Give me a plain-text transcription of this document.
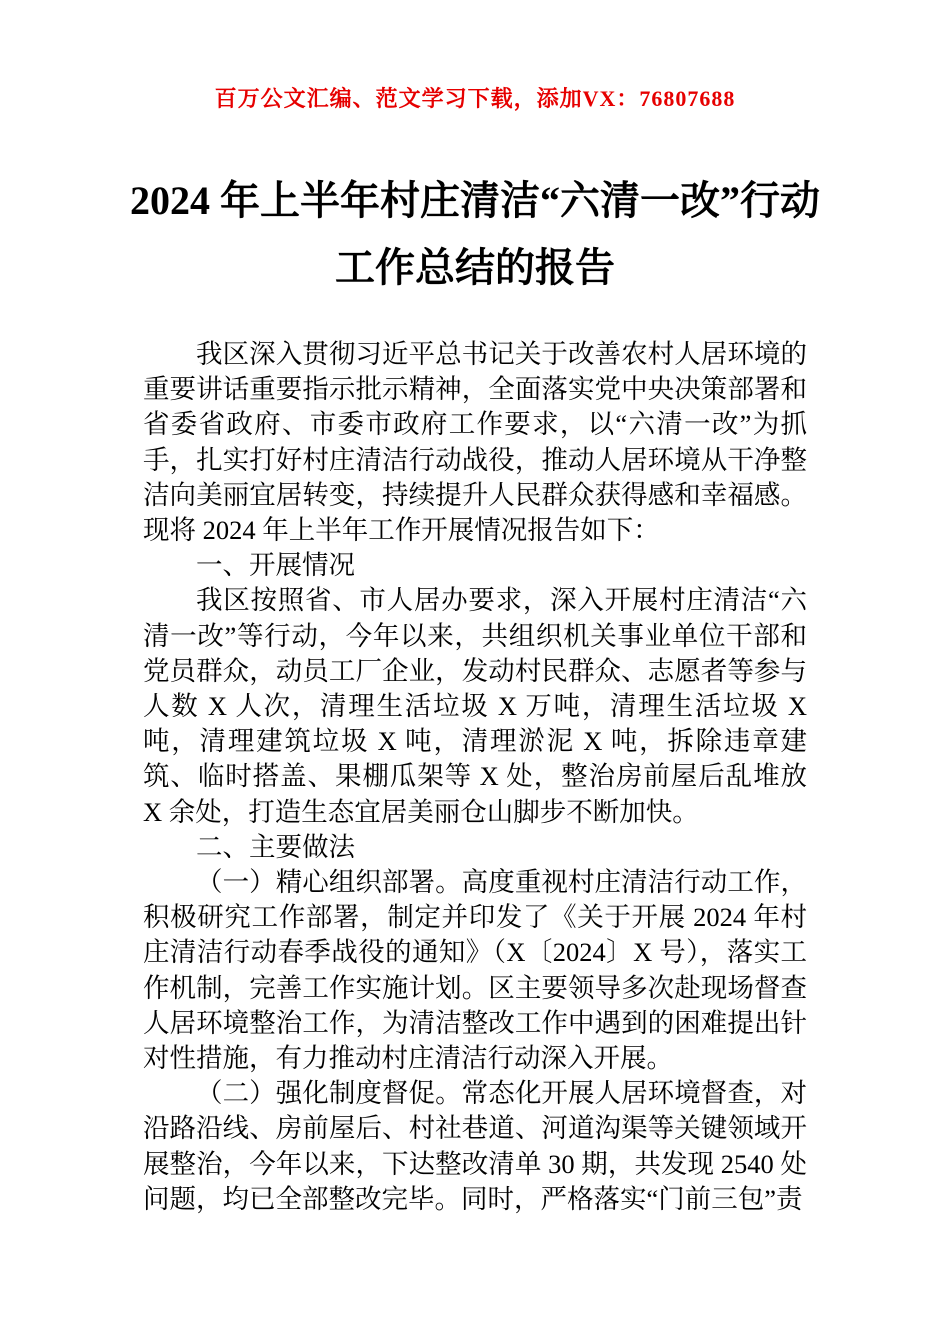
百万公文汇编、范文学习下载，添加VX：76807688
2024 年上半年村庄清洁“六清一改”行动
工作总结的报告

我区深入贯彻习近平总书记关于改善农村人居环境的重要讲话重要指示批示精神，全面落实党中央决策部署和省委省政府、市委市政府工作要求，以“六清一改”为抓手，扎实打好村庄清洁行动战役，推动人居环境从干净整洁向美丽宜居转变，持续提升人民群众获得感和幸福感。现将 2024 年上半年工作开展情况报告如下：

一、开展情况

我区按照省、市人居办要求，深入开展村庄清洁“六清一改”等行动，今年以来，共组织机关事业单位干部和党员群众，动员工厂企业，发动村民群众、志愿者等参与人数 X 人次，清理生活垃圾 X 万吨，清理生活垃圾 X 吨，清理建筑垃圾 X 吨，清理淤泥 X 吨，拆除违章建筑、临时搭盖、果棚瓜架等 X 处，整治房前屋后乱堆放 X 余处，打造生态宜居美丽仓山脚步不断加快。

二、主要做法

（一）精心组织部署。高度重视村庄清洁行动工作，积极研究工作部署，制定并印发了《关于开展 2024 年村庄清洁行动春季战役的通知》（X〔2024〕X 号），落实工作机制，完善工作实施计划。区主要领导多次赴现场督查人居环境整治工作，为清洁整改工作中遇到的困难提出针对性措施，有力推动村庄清洁行动深入开展。

（二）强化制度督促。常态化开展人居环境督查，对沿路沿线、房前屋后、村社巷道、河道沟渠等关键领域开展整治，今年以来，下达整改清单 30 期，共发现 2540 处问题，均已全部整改完毕。同时，严格落实“门前三包”责
